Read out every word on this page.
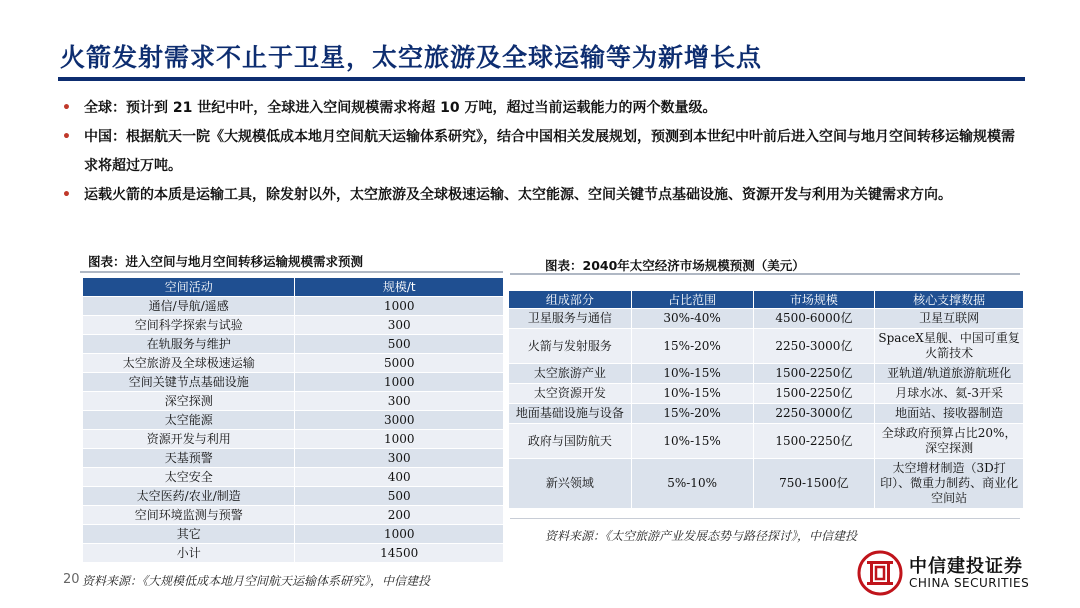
火箭发射需求不止于卫星，太空旅游及全球运输等为新增长点
• 全球：预计到 21 世纪中叶，全球进入空间规模需求将超 10 万吨，超过当前运载能力的两个数量级。
• 中国：根据航天一院《大规模低成本地月空间航天运输体系研究》，结合中国相关发展规划，预测到本世纪中叶前后进入空间与地月空间转移运输规模需求将超过万吨。
• 运载火箭的本质是运输工具，除发射以外，太空旅游及全球极速运输、太空能源、空间关键节点基础设施、资源开发与利用为关键需求方向。
图表：进入空间与地月空间转移运输规模需求预测
空间活动	规模/t
通信/导航/遥感	1000
空间科学探索与试验	300
在轨服务与维护	500
太空旅游及全球极速运输	5000
空间关键节点基础设施	1000
深空探测	300
太空能源	3000
资源开发与利用	1000
天基预警	300
太空安全	400
太空医药/农业/制造	500
空间环境监测与预警	200
其它	1000
小计	14500
图表：2040年太空经济市场规模预测（美元）
组成部分	占比范围	市场规模	核心支撑数据
卫星服务与通信	30%-40%	4500-6000亿	卫星互联网
火箭与发射服务	15%-20%	2250-3000亿	SpaceX星舰、中国可重复火箭技术
太空旅游产业	10%-15%	1500-2250亿	亚轨道/轨道旅游航班化
太空资源开发	10%-15%	1500-2250亿	月球水冰、氦-3开采
地面基础设施与设备	15%-20%	2250-3000亿	地面站、接收器制造
政府与国防航天	10%-15%	1500-2250亿	全球政府预算占比20%，深空探测
新兴领域	5%-10%	750-1500亿	太空增材制造（3D打印）、微重力制药、商业化空间站
资料来源：《太空旅游产业发展态势与路径探讨》，中信建投
20 资料来源：《大规模低成本地月空间航天运输体系研究》，中信建投
中信建投证券
CHINA SECURITIES
